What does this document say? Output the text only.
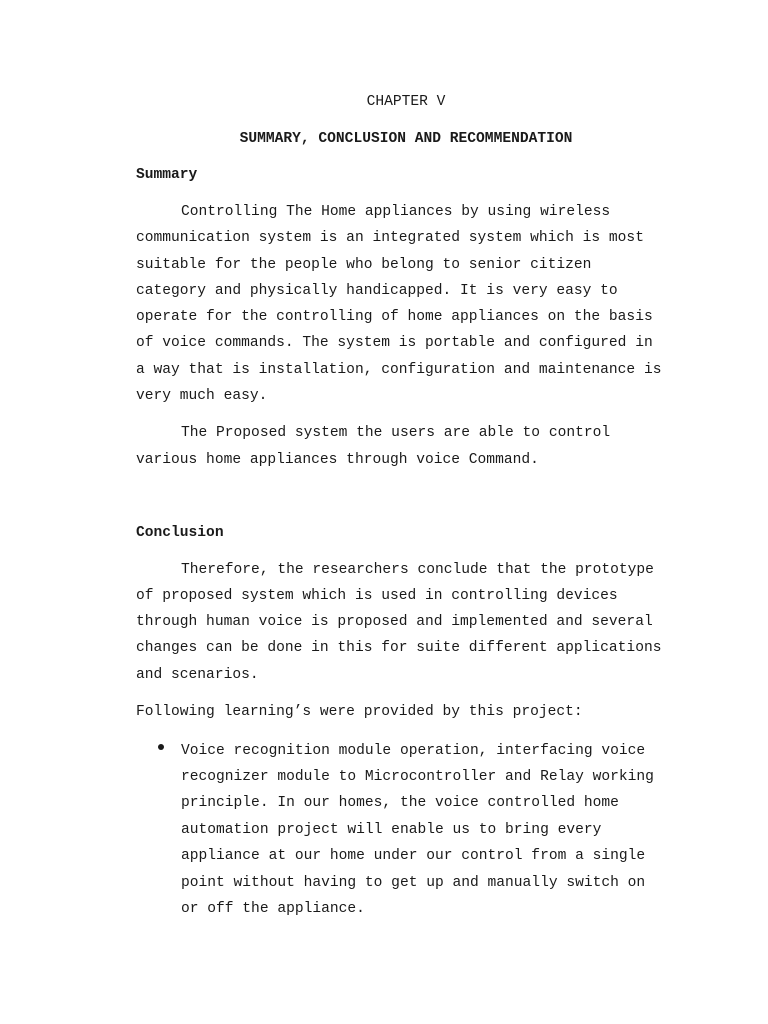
CHAPTER V
SUMMARY, CONCLUSION AND RECOMMENDATION
Summary
Controlling The Home appliances by using wireless
communication system is an integrated system which is most
suitable for the people who belong to senior citizen
category and physically handicapped. It is very easy to
operate for the controlling of home appliances on the basis
of voice commands. The system is portable and configured in
a way that is installation, configuration and maintenance is
very much easy.
The Proposed system the users are able to control
various home appliances through voice Command.
Conclusion
Therefore, the researchers conclude that the prototype
of proposed system which is used in controlling devices
through human voice is proposed and implemented and several
changes can be done in this for suite different applications
and scenarios.
Following learning’s were provided by this project:
Voice recognition module operation, interfacing voice
recognizer module to Microcontroller and Relay working
principle. In our homes, the voice controlled home
automation project will enable us to bring every
appliance at our home under our control from a single
point without having to get up and manually switch on
or off the appliance.
